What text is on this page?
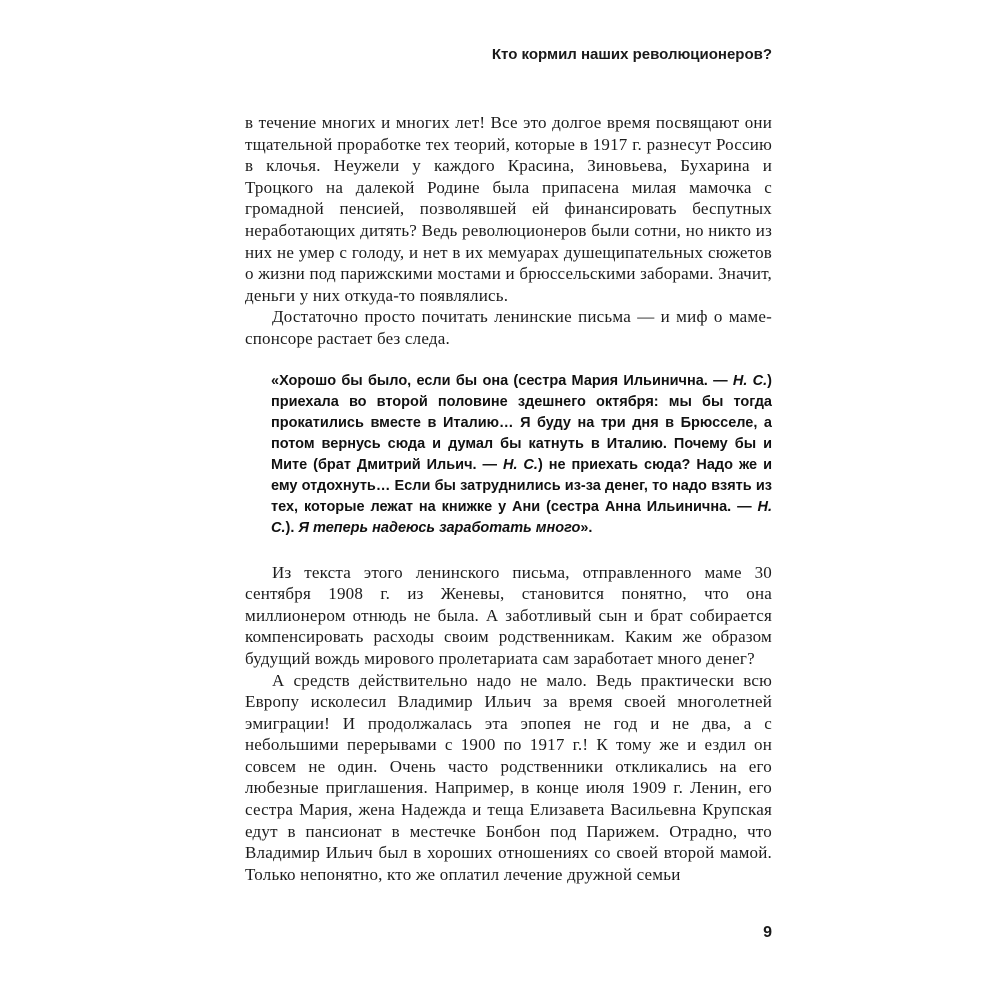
Кто кормил наших революционеров?

в течение многих и многих лет! Все это долгое время посвящают они тщательной проработке тех теорий, которые в 1917 г. разнесут Россию в клочья. Неужели у каждого Красина, Зиновьева, Бухарина и Троцкого на далекой Родине была припасена милая мамочка с громадной пенсией, позволявшей ей финансировать беспутных неработающих дитять? Ведь революционеров были сотни, но никто из них не умер с голоду, и нет в их мемуарах душещипательных сюжетов о жизни под парижскими мостами и брюссельскими заборами. Значит, деньги у них откуда-то появлялись.

Достаточно просто почитать ленинские письма — и миф о маме-спонсоре растает без следа.

«Хорошо бы было, если бы она (сестра Мария Ильинична. — Н. С.) приехала во второй половине здешнего октября: мы бы тогда прокатились вместе в Италию… Я буду на три дня в Брюсселе, а потом вернусь сюда и думал бы катнуть в Италию. Почему бы и Мите (брат Дмитрий Ильич. — Н. С.) не приехать сюда? Надо же и ему отдохнуть… Если бы затруднились из-за денег, то надо взять из тех, которые лежат на книжке у Ани (сестра Анна Ильинична. — Н. С.). Я теперь надеюсь заработать много».

Из текста этого ленинского письма, отправленного маме 30 сентября 1908 г. из Женевы, становится понятно, что она миллионером отнюдь не была. А заботливый сын и брат собирается компенсировать расходы своим родственникам. Каким же образом будущий вождь мирового пролетариата сам заработает много денег?

А средств действительно надо не мало. Ведь практически всю Европу исколесил Владимир Ильич за время своей многолетней эмиграции! И продолжалась эта эпопея не год и не два, а с небольшими перерывами с 1900 по 1917 г.! К тому же и ездил он совсем не один. Очень часто родственники откликались на его любезные приглашения. Например, в конце июля 1909 г. Ленин, его сестра Мария, жена Надежда и теща Елизавета Васильевна Крупская едут в пансионат в местечке Бонбон под Парижем. Отрадно, что Владимир Ильич был в хороших отношениях со своей второй мамой. Только непонятно, кто же оплатил лечение дружной семьи

9
